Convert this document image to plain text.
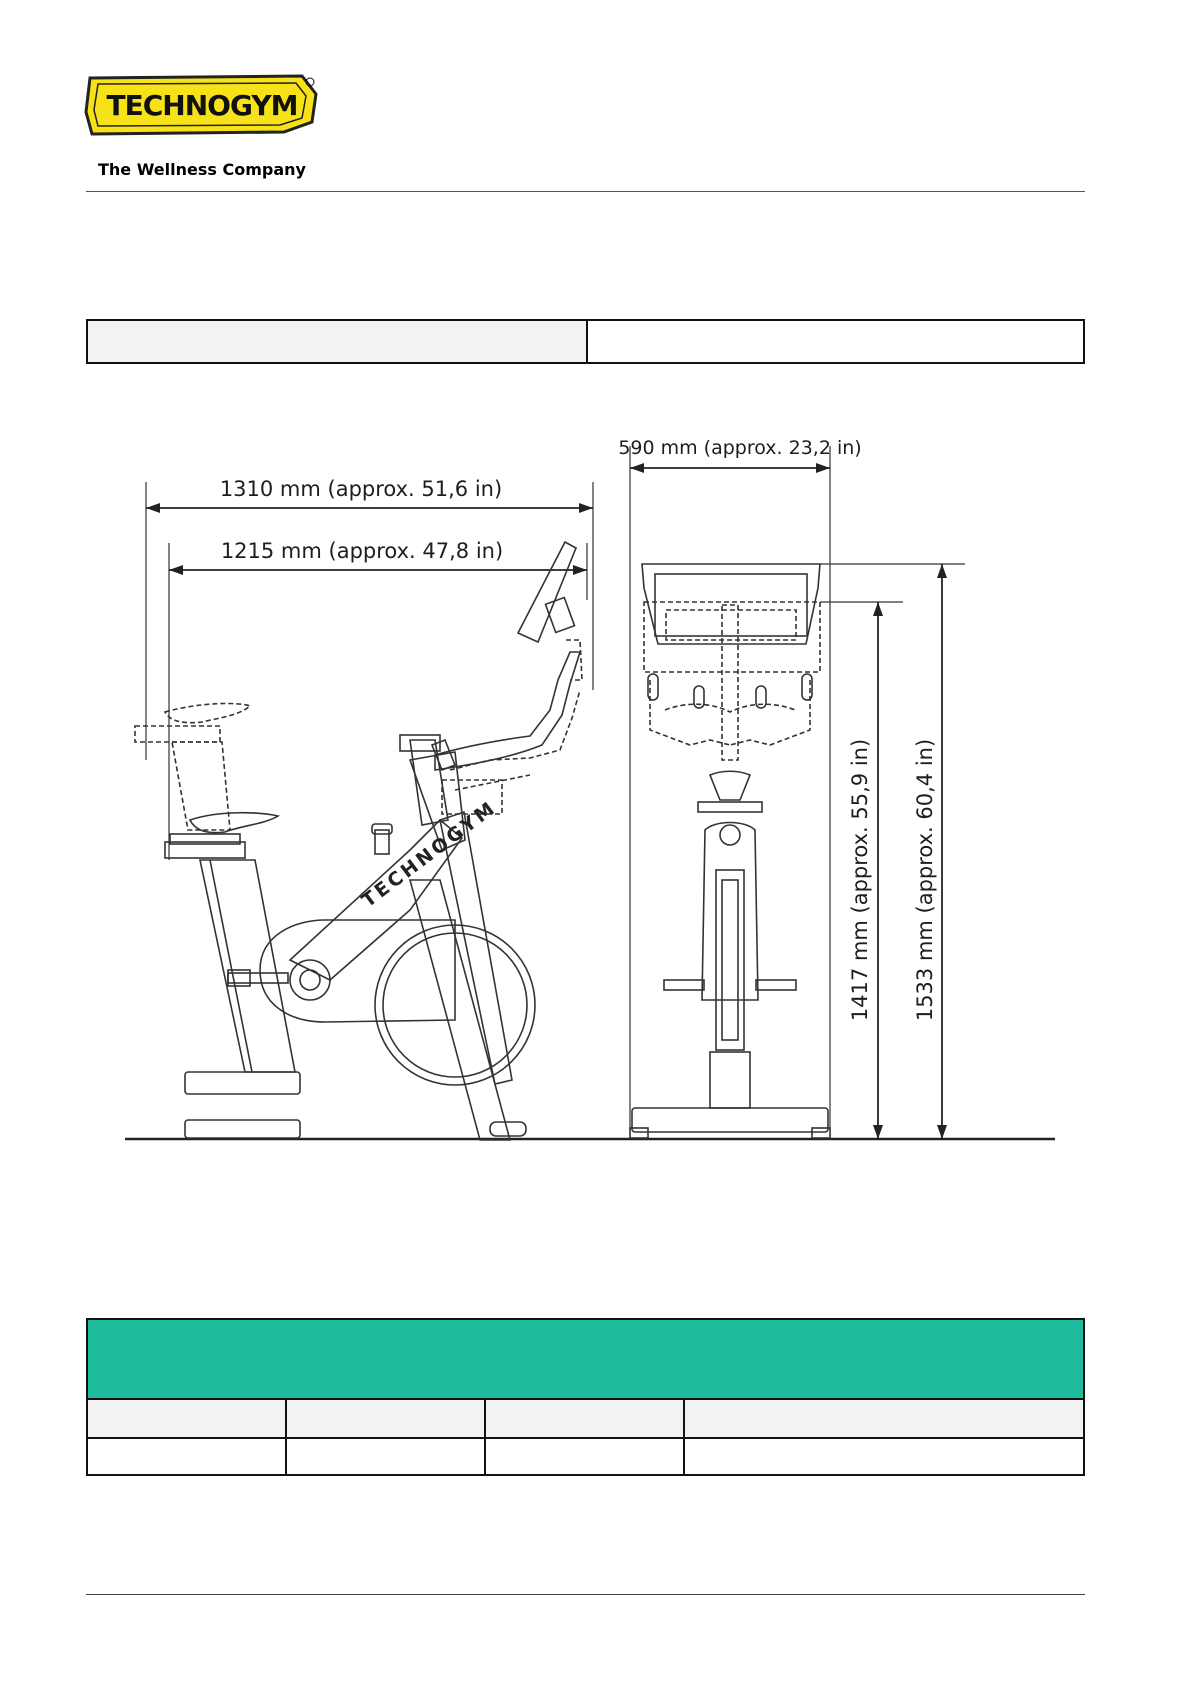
TECHNOGYM
The Wellness Company
1310 mm (approx. 51,6 in)
1215 mm (approx. 47,8 in)
TECHNOGYM
590 mm (approx. 23,2 in)
1417 mm (approx. 55,9 in) 1533 mm (approx. 60,4 in)
